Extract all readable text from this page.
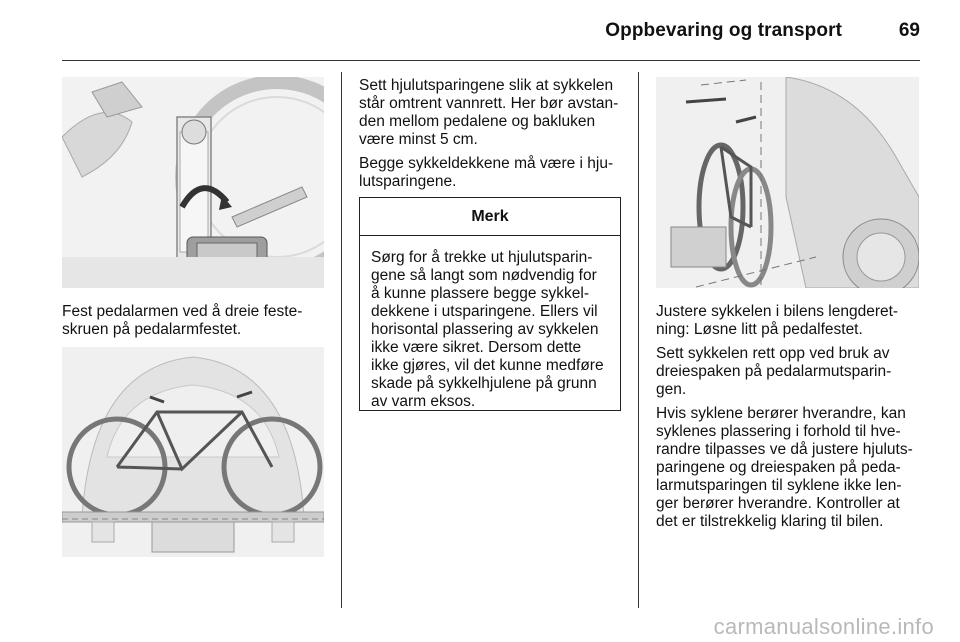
Oppbevaring og transport	69

Fest pedalarmen ved å dreie feste-
skruen på pedalarmfestet.

Sett hjulutsparingene slik at sykkelen
står omtrent vannrett. Her bør avstan-
den mellom pedalene og bakluken
være minst 5 cm.

Begge sykkeldekkene må være i hju-
lutsparingene.

Merk

Sørg for å trekke ut hjulutsparin-
gene så langt som nødvendig for
å kunne plassere begge sykkel-
dekkene i utsparingene. Ellers vil
horisontal plassering av sykkelen
ikke være sikret. Dersom dette
ikke gjøres, vil det kunne medføre
skade på sykkelhjulene på grunn
av varm eksos.

Justere sykkelen i bilens lengderet-
ning: Løsne litt på pedalfestet.

Sett sykkelen rett opp ved bruk av
dreiespaken på pedalarmutsparin-
gen.

Hvis syklene berører hverandre, kan
syklenes plassering i forhold til hve-
randre tilpasses ve då justere hjuluts-
paringene og dreiespaken på peda-
larmutsparingen til syklene ikke len-
ger berører hverandre. Kontroller at
det er tilstrekkelig klaring til bilen.

carmanualsonline.info
